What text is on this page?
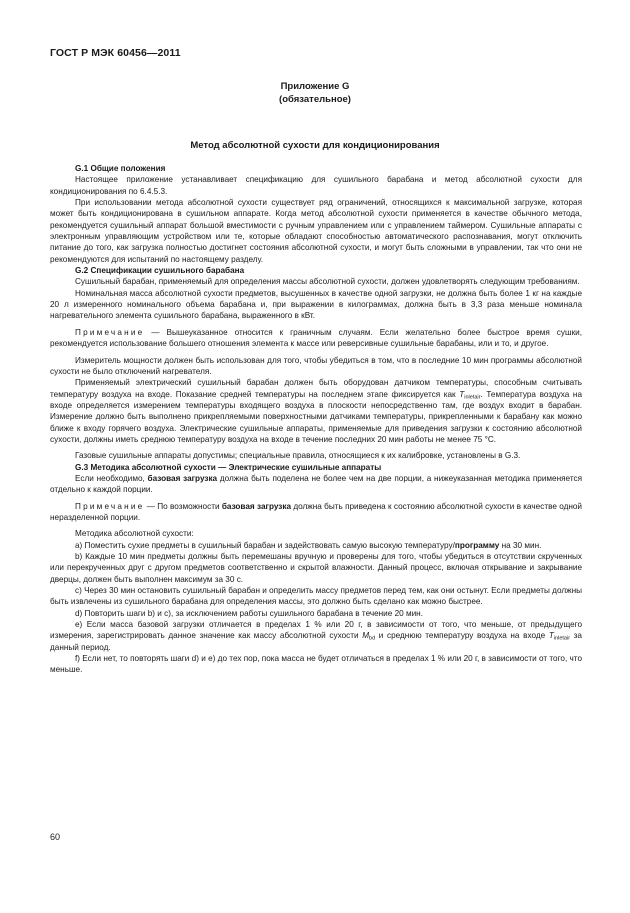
ГОСТ Р МЭК 60456—2011
Приложение G
(обязательное)
Метод абсолютной сухости для кондиционирования

G.1 Общие положения

Настоящее приложение устанавливает спецификацию для сушильного барабана и метод абсолютной сухости для кондиционирования по 6.4.5.3.

При использовании метода абсолютной сухости существует ряд ограничений, относящихся к максимальной загрузке, которая может быть кондиционирована в сушильном аппарате. Когда метод абсолютной сухости применяется в качестве обычного метода, рекомендуется сушильный аппарат большой вместимости с ручным управлением или с управлением таймером. Сушильные аппараты с электронным управляющим устройством или те, которые обладают способностью автоматического распознавания, могут отключить питание до того, как загрузка полностью достигнет состояния абсолютной сухости, и могут быть сложными в управлении, так что они не рекомендуются для испытаний по настоящему разделу.

G.2 Спецификации сушильного барабана

Сушильный барабан, применяемый для определения массы абсолютной сухости, должен удовлетворять следующим требованиям.

Номинальная масса абсолютной сухости предметов, высушенных в качестве одной загрузки, не должна быть более 1 кг на каждые 20 л измеренного номинального объема барабана и, при выражении в килограммах, должна быть в 3,3 раза меньше номинала нагревательного элемента сушильного барабана, выраженного в кВт.

Примечание — Вышеуказанное относится к граничным случаям. Если желательно более быстрое время сушки, рекомендуется использование большего отношения элемента к массе или реверсивные сушильные барабаны, или и то, и другое.

Измеритель мощности должен быть использован для того, чтобы убедиться в том, что в последние 10 мин программы абсолютной сухости не было отключений нагревателя.

Применяемый электрический сушильный барабан должен быть оборудован датчиком температуры, способным считывать температуру воздуха на входе. Показание средней температуры на последнем этапе фиксируется как $T_{inletair}$. Температура воздуха на входе определяется измерением температуры входящего воздуха в плоскости непосредственно там, где воздух входит в барабан. Измерение должно быть выполнено прикрепляемыми поверхностными датчиками температуры, прикрепленными к барабану как можно ближе к входу горячего воздуха. Электрические сушильные аппараты, применяемые для приведения загрузки к состоянию абсолютной сухости, должны иметь среднюю температуру воздуха на входе в течение последних 20 мин работы не менее 75 °С.

Газовые сушильные аппараты допустимы; специальные правила, относящиеся к их калибровке, установлены в G.3.

G.3 Методика абсолютной сухости — Электрические сушильные аппараты

Если необходимо, базовая загрузка должна быть поделена не более чем на две порции, а нижеуказанная методика применяется отдельно к каждой порции.

Примечание — По возможности базовая загрузка должна быть приведена к состоянию абсолютной сухости в качестве одной неразделенной порции.

Методика абсолютной сухости:

а) Поместить сухие предметы в сушильный барабан и задействовать самую высокую температуру/программу на 30 мин.

b) Каждые 10 мин предметы должны быть перемешаны вручную и проверены для того, чтобы убедиться в отсутствии скрученных или перекрученных друг с другом предметов соответственно и скрытой влажности. Данный процесс, включая открывание и закрывание дверцы, должен быть выполнен максимум за 30 с.

с) Через 30 мин остановить сушильный барабан и определить массу предметов перед тем, как они остынут. Если предметы должны быть извлечены из сушильного барабана для определения массы, это должно быть сделано как можно быстрее.

d) Повторить шаги b) и с), за исключением работы сушильного барабана в течение 20 мин.

е) Если масса базовой загрузки отличается в пределах 1 % или 20 г, в зависимости от того, что меньше, от предыдущего измерения, зарегистрировать данное значение как массу абсолютной сухости $M_{bd}$ и среднюю температуру воздуха на входе $T_{inletair}$ за данный период.

f) Если нет, то повторять шаги d) и е) до тех пор, пока масса не будет отличаться в пределах 1 % или 20 г, в зависимости от того, что меньше.

60
